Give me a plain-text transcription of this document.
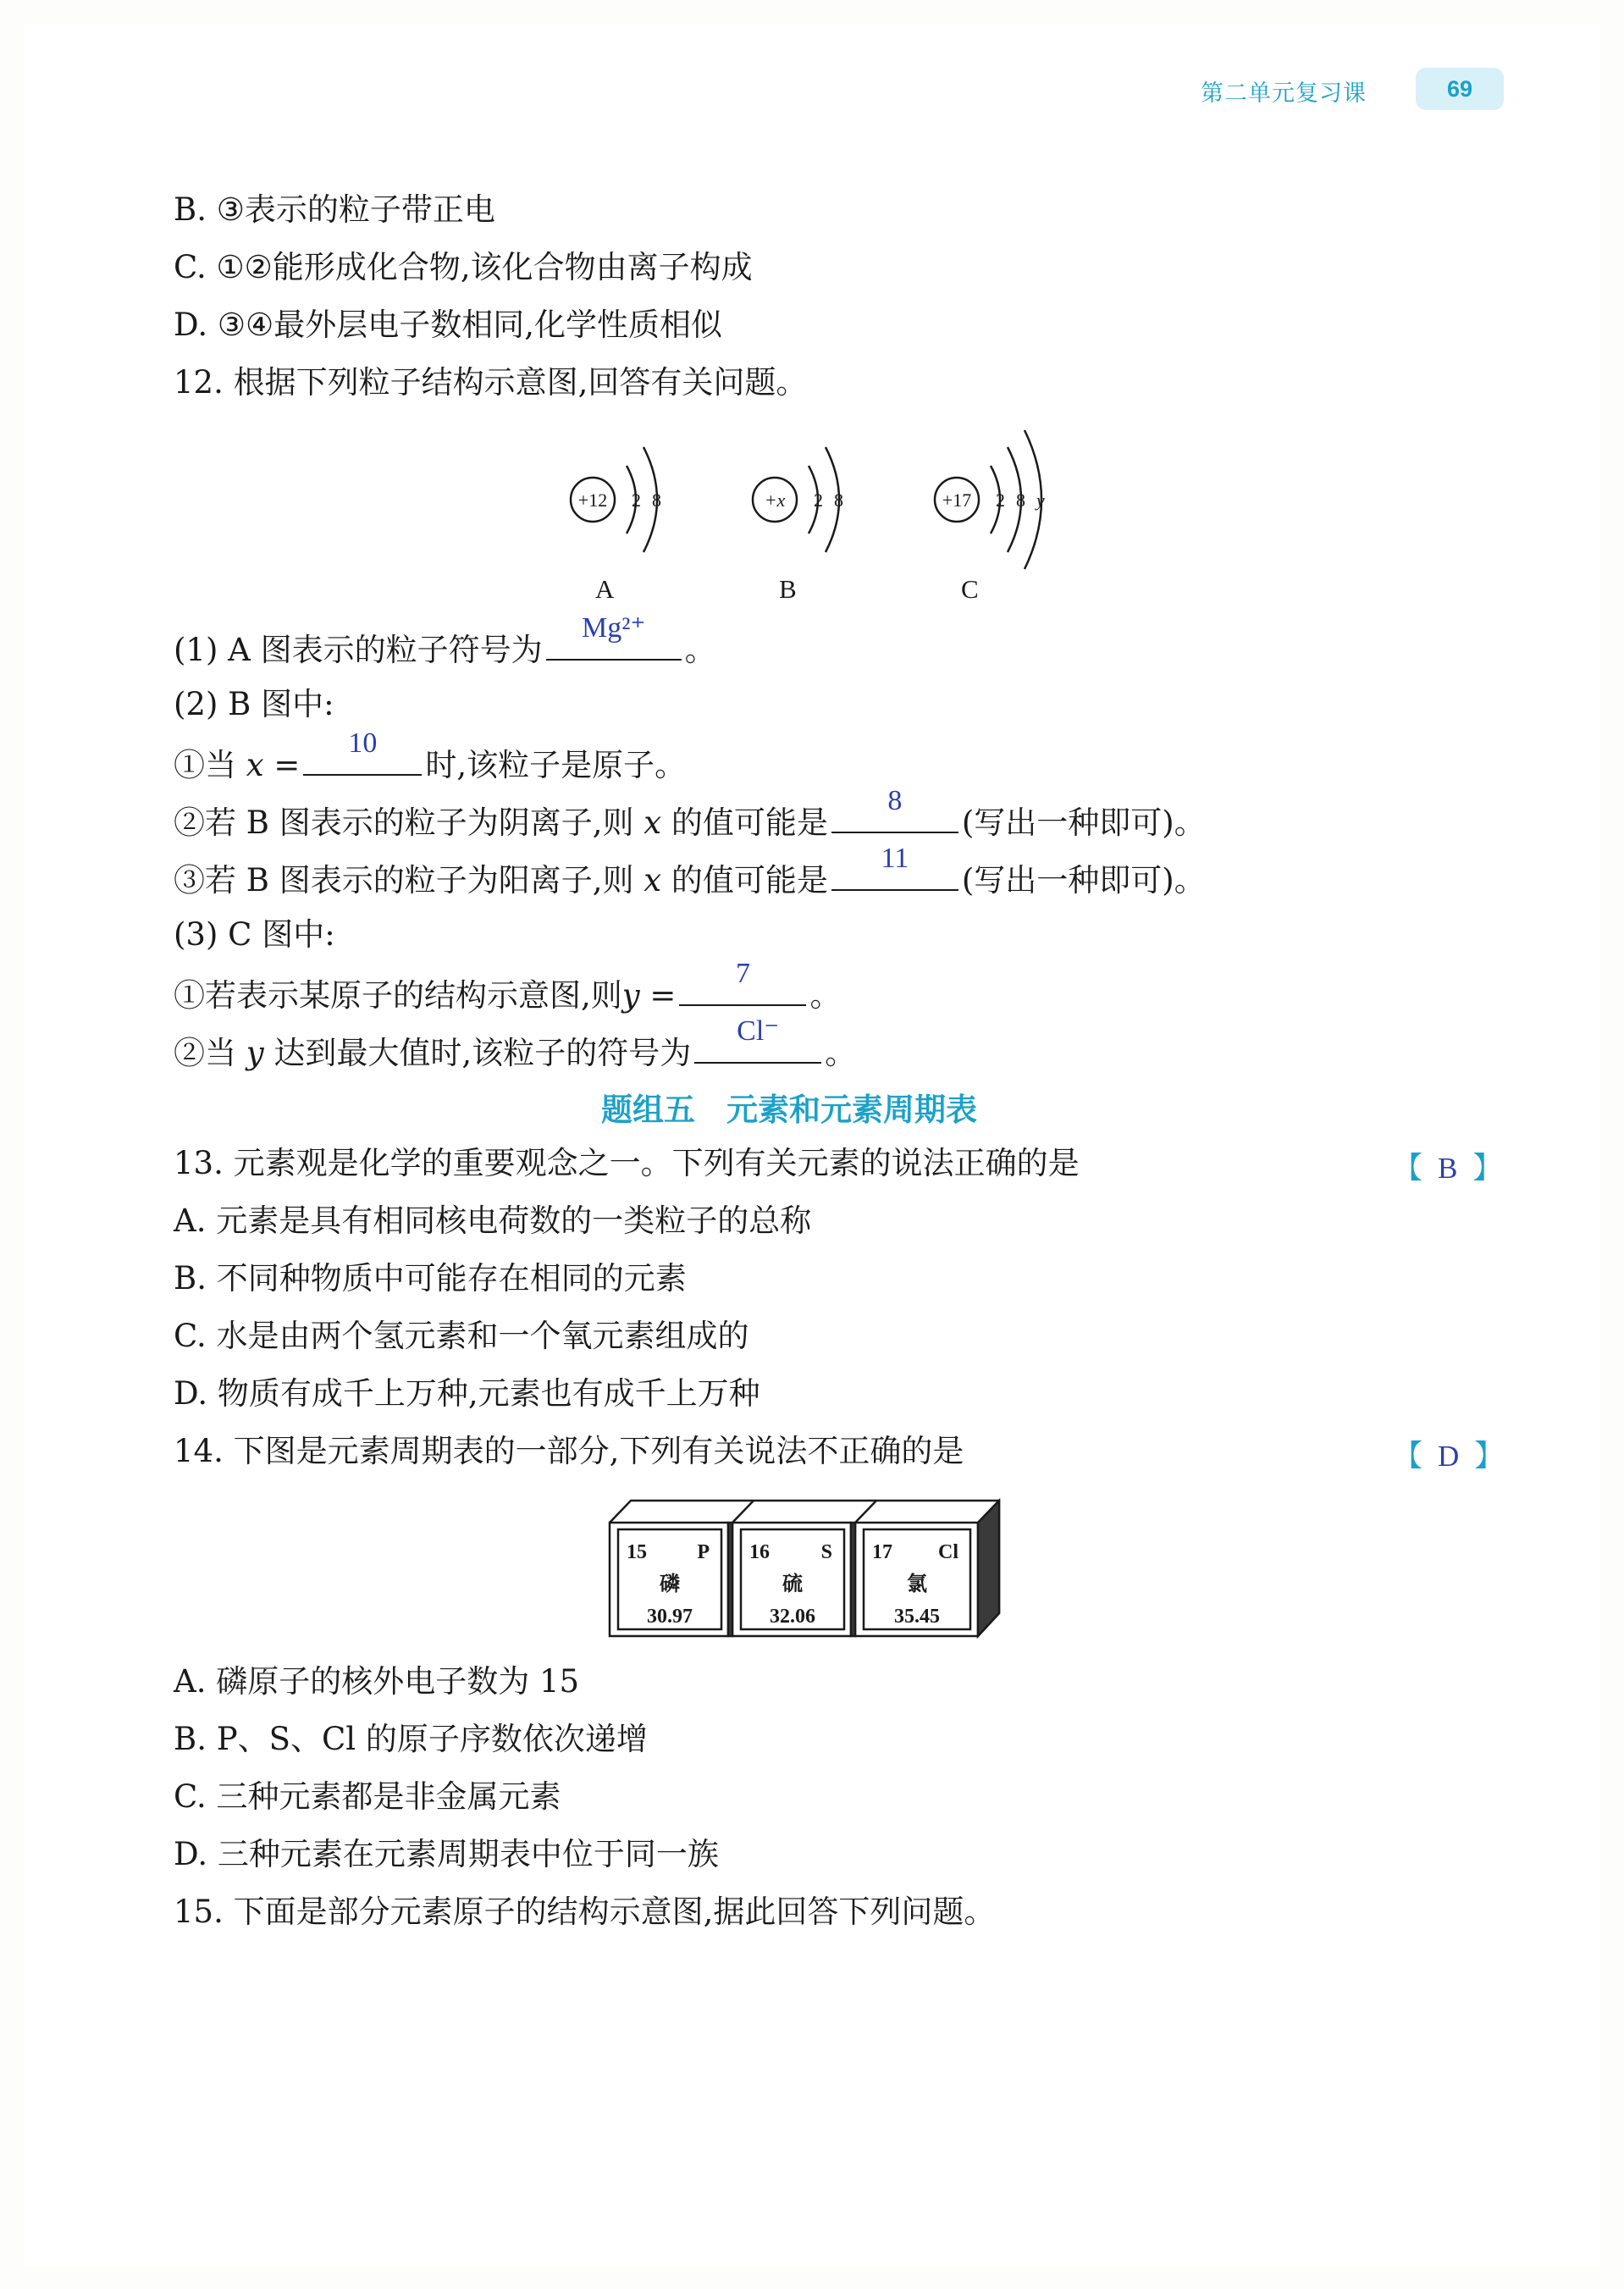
第二单元复习课	69
B. ③表示的粒子带正电
C. ①②能形成化合物,该化合物由离子构成
D. ③④最外层电子数相同,化学性质相似
12. 根据下列粒子结构示意图,回答有关问题。
+12 2 8	+x 2 8	+17 2 8 y
A	B	C
(1) A 图表示的粒子符号为
Mg²⁺
。
(2) B 图中:
①当 x =
10
时,该粒子是原子。
②若 B 图表示的粒子为阴离子,则 x 的值可能是
8
(写出一种即可)。
③若 B 图表示的粒子为阳离子,则 x 的值可能是
11
(写出一种即可)。
(3) C 图中:
①若表示某原子的结构示意图,则y =
7
。
②当 y 达到最大值时,该粒子的符号为
Cl⁻
。
题组五　元素和元素周期表
13. 元素观是化学的重要观念之一。下列有关元素的说法正确的是	【 B 】
A. 元素是具有相同核电荷数的一类粒子的总称
B. 不同种物质中可能存在相同的元素
C. 水是由两个氢元素和一个氧元素组成的
D. 物质有成千上万种,元素也有成千上万种
14. 下图是元素周期表的一部分,下列有关说法不正确的是	【 D 】
15 P
磷
30.97
16	S
硫
32.06
17 Cl
氯
35.45
A. 磷原子的核外电子数为 15
B. P、S、Cl 的原子序数依次递增
C. 三种元素都是非金属元素
D. 三种元素在元素周期表中位于同一族
15. 下面是部分元素原子的结构示意图,据此回答下列问题。
